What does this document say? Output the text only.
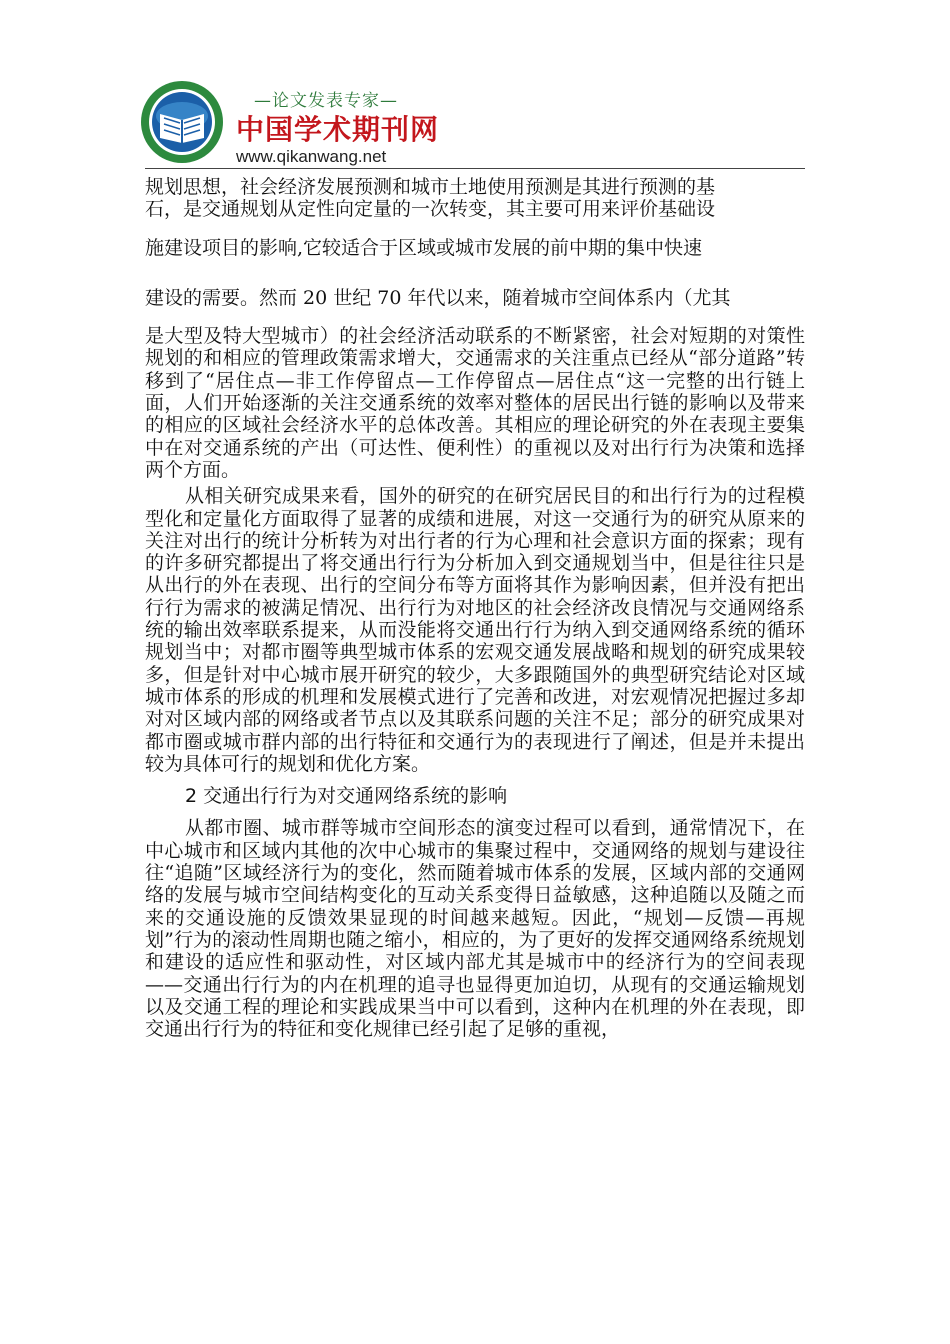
—论文发表专家—

中国学术期刊网

www.qikanwang.net

规划思想，社会经济发展预测和城市土地使用预测是其进行预测的基
石，是交通规划从定性向定量的一次转变，其主要可用来评价基础设
施建设项目的影响,它较适合于区域或城市发展的前中期的集中快速
建设的需要。然而 20 世纪 70 年代以来，随着城市空间体系内（尤其

是大型及特大型城市）的社会经济活动联系的不断紧密，社会对短期的对策性规划的和相应的管理政策需求增大，交通需求的关注重点已经从“部分道路”转移到了“居住点—非工作停留点—工作停留点—居住点“这一完整的出行链上面，人们开始逐渐的关注交通系统的效率对整体的居民出行链的影响以及带来的相应的区域社会经济水平的总体改善。其相应的理论研究的外在表现主要集中在对交通系统的产出（可达性、便利性）的重视以及对出行行为决策和选择两个方面。

从相关研究成果来看，国外的研究的在研究居民目的和出行行为的过程模型化和定量化方面取得了显著的成绩和进展，对这一交通行为的研究从原来的关注对出行的统计分析转为对出行者的行为心理和社会意识方面的探索；现有的许多研究都提出了将交通出行行为分析加入到交通规划当中，但是往往只是从出行的外在表现、出行的空间分布等方面将其作为影响因素，但并没有把出行行为需求的被满足情况、出行行为对地区的社会经济改良情况与交通网络系统的输出效率联系提来，从而没能将交通出行行为纳入到交通网络系统的循环规划当中；对都市圈等典型城市体系的宏观交通发展战略和规划的研究成果较多，但是针对中心城市展开研究的较少，大多跟随国外的典型研究结论对区域城市体系的形成的机理和发展模式进行了完善和改进，对宏观情况把握过多却对对区域内部的网络或者节点以及其联系问题的关注不足；部分的研究成果对都市圈或城市群内部的出行特征和交通行为的表现进行了阐述，但是并未提出较为具体可行的规划和优化方案。

2 交通出行行为对交通网络系统的影响

从都市圈、城市群等城市空间形态的演变过程可以看到，通常情况下，在中心城市和区域内其他的次中心城市的集聚过程中，交通网络的规划与建设往往“追随”区域经济行为的变化，然而随着城市体系的发展，区域内部的交通网络的发展与城市空间结构变化的互动关系变得日益敏感，这种追随以及随之而来的交通设施的反馈效果显现的时间越来越短。因此，“规划—反馈—再规划”行为的滚动性周期也随之缩小，相应的，为了更好的发挥交通网络系统规划和建设的适应性和驱动性，对区域内部尤其是城市中的经济行为的空间表现——交通出行行为的内在机理的追寻也显得更加迫切，从现有的交通运输规划以及交通工程的理论和实践成果当中可以看到，这种内在机理的外在表现，即交通出行行为的特征和变化规律已经引起了足够的重视，
